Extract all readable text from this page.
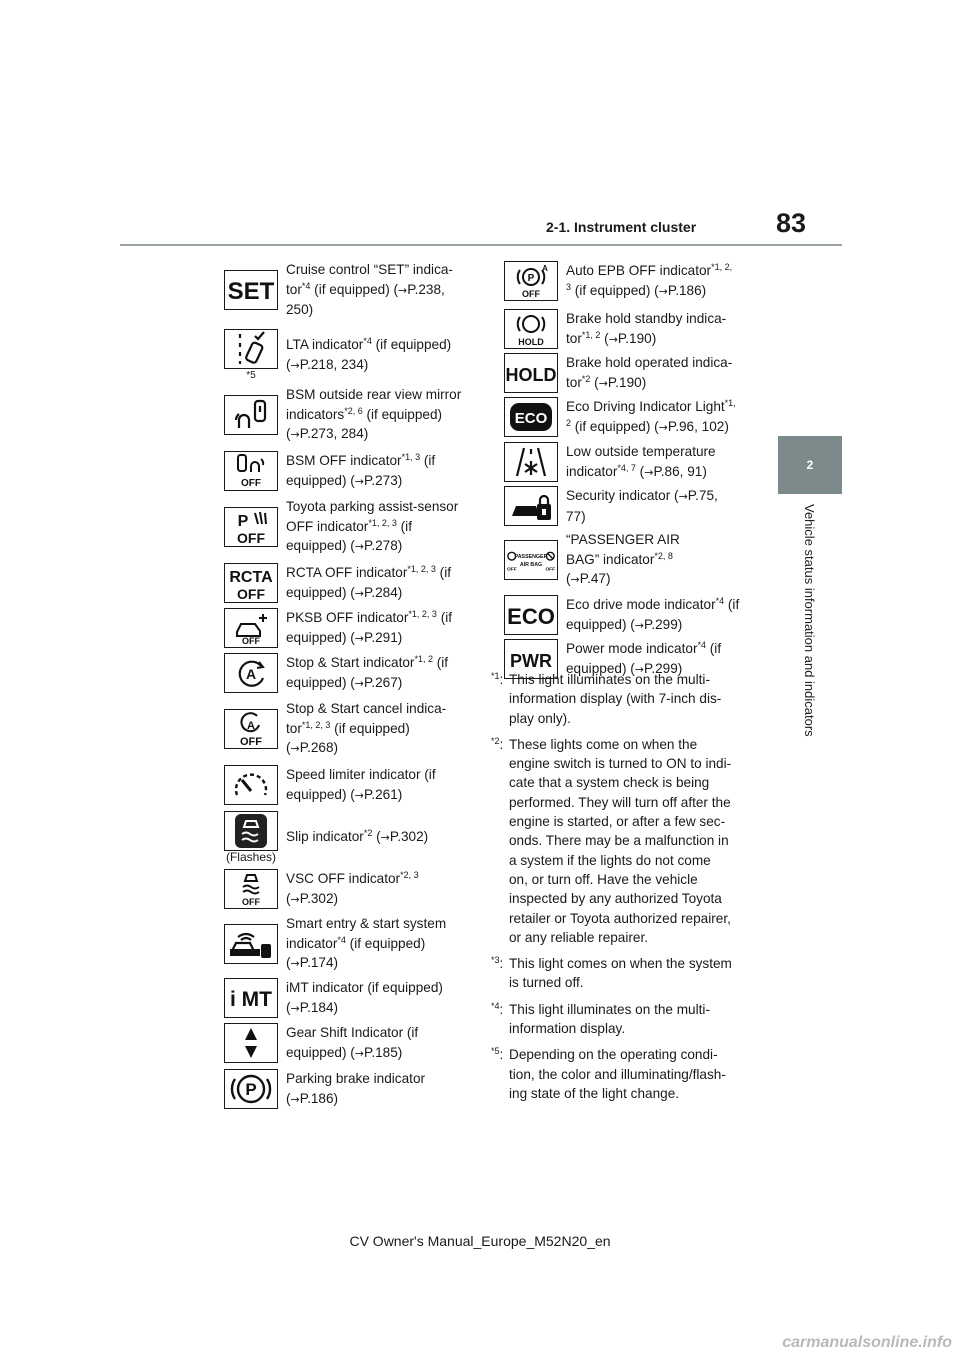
2-1. Instrument cluster	83
2
Vehicle status information and indicators
SET
Cruise control “SET” indica-
tor$^{*4}$ (if equipped) (→P.238,
250)
*5
LTA indicator$^{*4}$ (if equipped)
(→P.218, 234)
BSM outside rear view mirror
indicators$^{*2, 6}$ (if equipped)
(→P.273, 284)
OFF
BSM OFF indicator$^{*1, 3}$ (if
equipped) (→P.273)
P
OFF
Toyota parking assist-sensor
OFF indicator$^{*1, 2, 3}$ (if
equipped) (→P.278)
RCTA
OFF
RCTA OFF indicator$^{*1, 2, 3}$ (if
equipped) (→P.284)
OFF
PKSB OFF indicator$^{*1, 2, 3}$ (if
equipped) (→P.291)
A
Stop & Start indicator$^{*1, 2}$ (if
equipped) (→P.267)
A
OFF
Stop & Start cancel indica-
tor$^{*1, 2, 3}$ (if equipped)
(→P.268)
Speed limiter indicator (if
equipped) (→P.261)
(Flashes)
Slip indicator$^{*2}$ (→P.302)
OFF
VSC OFF indicator$^{*2, 3}$
(→P.302)
Smart entry & start system
indicator$^{*4}$ (if equipped)
(→P.174)
i MT
iMT indicator (if equipped)
(→P.184)
Gear Shift Indicator (if
equipped) (→P.185)
P
Parking brake indicator
(→P.186)
P
A
OFF
Auto EPB OFF indicator$^{*1, 2,}$
$^3$ (if equipped) (→P.186)
HOLD
Brake hold standby indica-
tor$^{*1, 2}$ (→P.190)
HOLD
Brake hold operated indica-
tor$^{*2}$ (→P.190)
ECO
Eco Driving Indicator Light$^{*1,}$
$^2$ (if equipped) (→P.96, 102)
Low outside temperature
indicator$^{*4, 7}$ (→P.86, 91)
Security indicator (→P.75,
77)
OFF
PASSENGER
AIR BAG
OFF
“PASSENGER AIR
BAG” indicator$^{*2, 8}$
(→P.47)
ECO Eco drive mode indicator$^{*4}$ (if
equipped) (→P.299)
PWR
Power mode indicator$^{*4}$ (if
equipped) (→P.299)
$^{*1}$: This light illuminates on the multi-
information display (with 7-inch dis-
play only).
$^{*2}$: These lights come on when the
engine switch is turned to ON to indi-
cate that a system check is being
performed. They will turn off after the
engine is started, or after a few sec-
onds. There may be a malfunction in
a system if the lights do not come
on, or turn off. Have the vehicle
inspected by any authorized Toyota
retailer or Toyota authorized repairer,
or any reliable repairer.
$^{*3}$: This light comes on when the system
is turned off.
$^{*4}$: This light illuminates on the multi-
information display.
$^{*5}$: Depending on the operating condi-
tion, the color and illuminating/flash-
ing state of the light change.
CV Owner's Manual_Europe_M52N20_en
carmanualsonline.info
